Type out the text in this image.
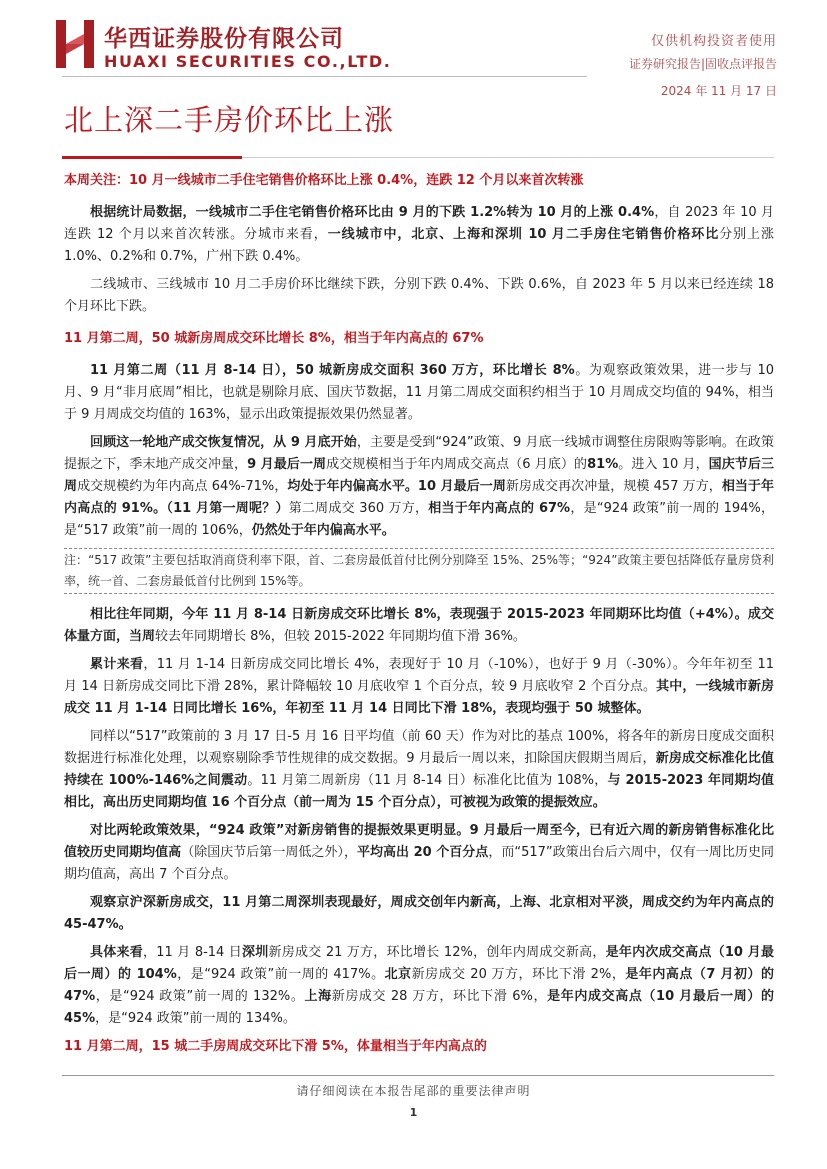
华西证券股份有限公司
HUAXI SECURITIES CO.,LTD.
仅供机构投资者使用
证券研究报告|固收点评报告
2024 年 11 月 17 日
北上深二手房价环比上涨

本周关注：10 月一线城市二手住宅销售价格环比上涨 0.4%，连跌 12 个月以来首次转涨

根据统计局数据，一线城市二手住宅销售价格环比由 9 月的下跌 1.2%转为 10 月的上涨 0.4%，自 2023 年 10 月连跌 12 个月以来首次转涨。分城市来看，一线城市中，北京、上海和深圳 10 月二手房住宅销售价格环比分别上涨 1.0%、0.2%和 0.7%，广州下跌 0.4%。

二线城市、三线城市 10 月二手房价环比继续下跌，分别下跌 0.4%、下跌 0.6%，自 2023 年 5 月以来已经连续 18 个月环比下跌。

11 月第二周，50 城新房周成交环比增长 8%，相当于年内高点的 67%

11 月第二周（11 月 8-14 日），50 城新房成交面积 360 万方，环比增长 8%。为观察政策效果，进一步与 10 月、9 月“非月底周”相比，也就是剔除月底、国庆节数据，11 月第二周成交面积约相当于 10 月周成交均值的 94%，相当于 9 月周成交均值的 163%，显示出政策提振效果仍然显著。

回顾这一轮地产成交恢复情况，从 9 月底开始，主要是受到“924”政策、9 月底一线城市调整住房限购等影响。在政策提振之下，季末地产成交冲量，9 月最后一周成交规模相当于年内周成交高点（6 月底）的81%。进入 10 月，国庆节后三周成交规模约为年内高点 64%-71%，均处于年内偏高水平。10 月最后一周新房成交再次冲量，规模 457 万方，相当于年内高点的 91%。（11 月第一周呢？）第二周成交 360 万方，相当于年内高点的 67%，是“924 政策”前一周的 194%，是“517 政策”前一周的 106%，仍然处于年内偏高水平。

注：“517 政策”主要包括取消商贷利率下限，首、二套房最低首付比例分别降至 15%、25%等；“924”政策主要包括降低存量房贷利率，统一首、二套房最低首付比例到 15%等。

相比往年同期，今年 11 月 8-14 日新房成交环比增长 8%，表现强于 2015-2023 年同期环比均值（+4%）。成交体量方面，当周较去年同期增长 8%，但较 2015-2022 年同期均值下滑 36%。

累计来看，11 月 1-14 日新房成交同比增长 4%，表现好于 10 月（-10%），也好于 9 月（-30%）。今年年初至 11 月 14 日新房成交同比下滑 28%，累计降幅较 10 月底收窄 1 个百分点，较 9 月底收窄 2 个百分点。其中，一线城市新房成交 11 月 1-14 日同比增长 16%，年初至 11 月 14 日同比下滑 18%，表现均强于 50 城整体。

同样以“517”政策前的 3 月 17 日-5 月 16 日平均值（前 60 天）作为对比的基点 100%，将各年的新房日度成交面积数据进行标准化处理，以观察剔除季节性规律的成交数据。9 月最后一周以来，扣除国庆假期当周后，新房成交标准化比值持续在 100%-146%之间震动。11 月第二周新房（11 月 8-14 日）标准化比值为 108%，与 2015-2023 年同期均值相比，高出历史同期均值 16 个百分点（前一周为 15 个百分点），可被视为政策的提振效应。

对比两轮政策效果，“924 政策”对新房销售的提振效果更明显。9 月最后一周至今，已有近六周的新房销售标准化比值较历史同期均值高（除国庆节后第一周低之外），平均高出 20 个百分点，而“517”政策出台后六周中，仅有一周比历史同期均值高，高出 7 个百分点。

观察京沪深新房成交，11 月第二周深圳表现最好，周成交创年内新高，上海、北京相对平淡，周成交约为年内高点的 45-47%。

具体来看，11 月 8-14 日深圳新房成交 21 万方，环比增长 12%，创年内周成交新高，是年内次成交高点（10 月最后一周）的 104%，是“924 政策”前一周的 417%。北京新房成交 20 万方，环比下滑 2%，是年内高点（7 月初）的 47%，是“924 政策”前一周的 132%。上海新房成交 28 万方，环比下滑 6%，是年内成交高点（10 月最后一周）的 45%，是“924 政策”前一周的 134%。

11 月第二周，15 城二手房周成交环比下滑 5%，体量相当于年内高点的

请仔细阅读在本报告尾部的重要法律声明
1
